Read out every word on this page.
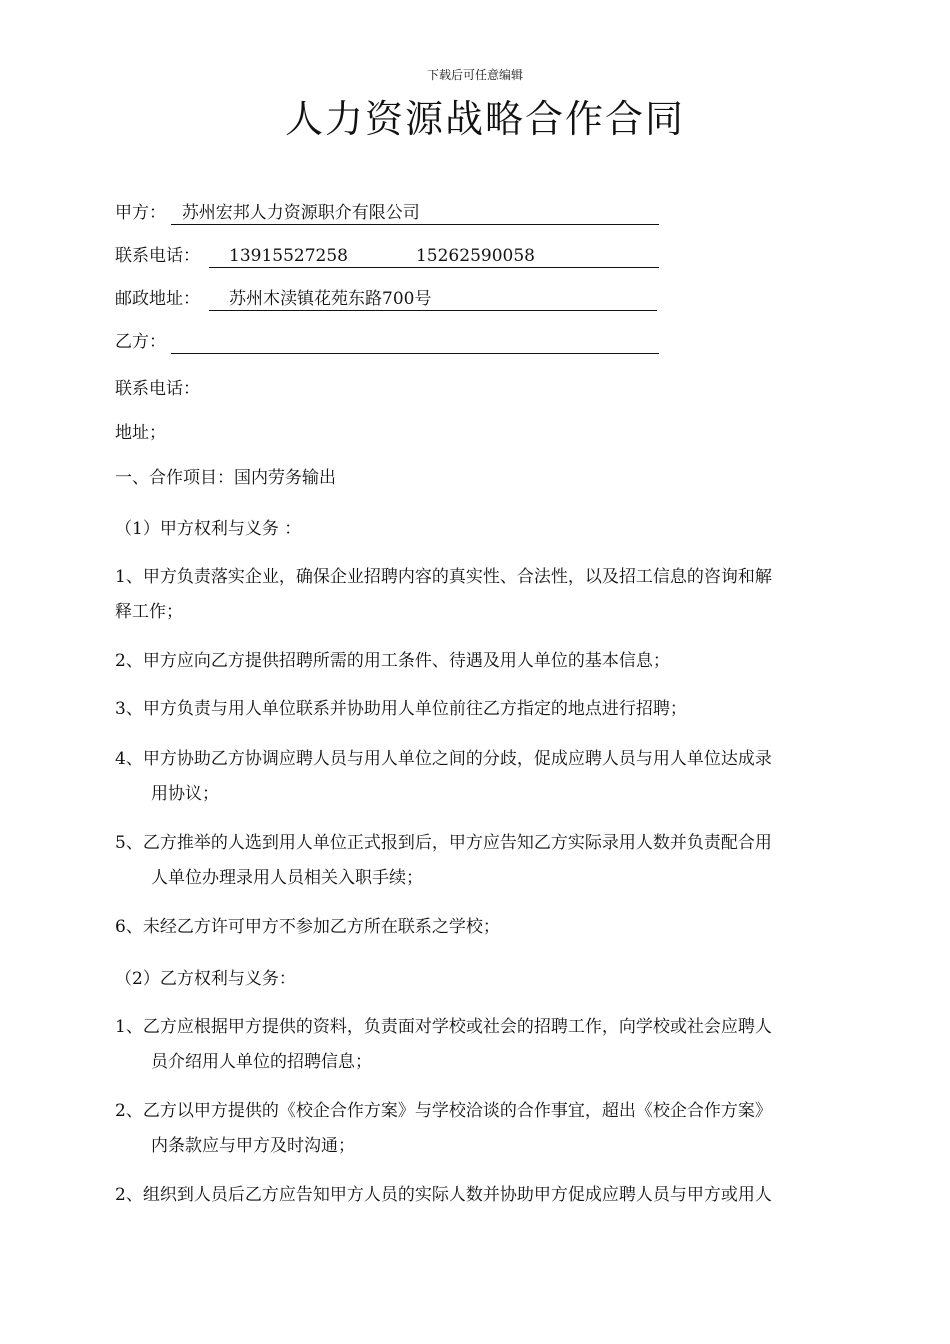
下载后可任意编辑
人力资源战略合作合同
甲方： 苏州宏邦人力资源职介有限公司
联系电话：	13915527258	15262590058
邮政地址：	苏州木渎镇花苑东路700号
乙方：
联系电话：
地址；
一、合作项目：国内劳务输出
（1）甲方权利与义务 ：
1、甲方负责落实企业，确保企业招聘内容的真实性、合法性，以及招工信息的咨询和解
释工作；
2、甲方应向乙方提供招聘所需的用工条件、待遇及用人单位的基本信息；
3、甲方负责与用人单位联系并协助用人单位前往乙方指定的地点进行招聘；
4、甲方协助乙方协调应聘人员与用人单位之间的分歧，促成应聘人员与用人单位达成录
用协议；
5、乙方推举的人选到用人单位正式报到后，甲方应告知乙方实际录用人数并负责配合用
人单位办理录用人员相关入职手续；
6、未经乙方许可甲方不参加乙方所在联系之学校；
（2）乙方权利与义务：
1、乙方应根据甲方提供的资料，负责面对学校或社会的招聘工作，向学校或社会应聘人
员介绍用人单位的招聘信息；
2、乙方以甲方提供的《校企合作方案》与学校洽谈的合作事宜，超出《校企合作方案》
内条款应与甲方及时沟通；
2、组织到人员后乙方应告知甲方人员的实际人数并协助甲方促成应聘人员与甲方或用人
